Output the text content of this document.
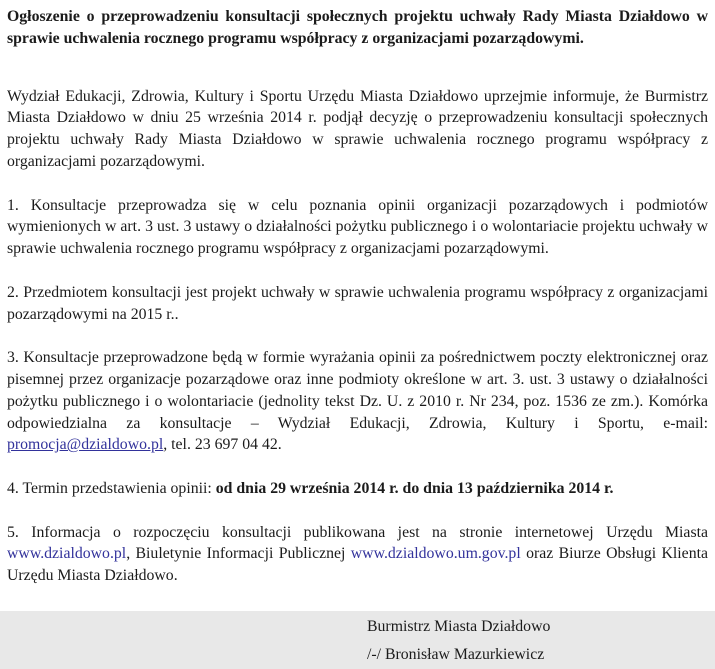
Ogłoszenie o przeprowadzeniu konsultacji społecznych projektu uchwały Rady Miasta Działdowo w sprawie uchwalenia rocznego programu współpracy z organizacjami pozarządowymi.

Wydział Edukacji, Zdrowia, Kultury i Sportu Urzędu Miasta Działdowo uprzejmie informuje, że Burmistrz Miasta Działdowo w dniu 25 września 2014 r. podjął decyzję o przeprowadzeniu konsultacji społecznych projektu uchwały Rady Miasta Działdowo w sprawie uchwalenia rocznego programu współpracy z organizacjami pozarządowymi.

1. Konsultacje przeprowadza się w celu poznania opinii organizacji pozarządowych i podmiotów wymienionych w art. 3 ust. 3 ustawy o działalności pożytku publicznego i o wolontariacie projektu uchwały w sprawie uchwalenia rocznego programu współpracy z organizacjami pozarządowymi.

2. Przedmiotem konsultacji jest projekt uchwały w sprawie uchwalenia programu współpracy z organizacjami pozarządowymi na 2015 r..

3. Konsultacje przeprowadzone będą w formie wyrażania opinii za pośrednictwem poczty elektronicznej oraz pisemnej przez organizacje pozarządowe oraz inne podmioty określone w art. 3. ust. 3 ustawy o działalności pożytku publicznego i o wolontariacie (jednolity tekst Dz. U. z 2010 r. Nr 234, poz. 1536 ze zm.). Komórka odpowiedzialna za konsultacje – Wydział Edukacji, Zdrowia, Kultury i Sportu, e-mail: promocja@dzialdowo.pl, tel. 23 697 04 42.

4. Termin przedstawienia opinii: od dnia 29 września 2014 r. do dnia 13 października 2014 r.

5. Informacja o rozpoczęciu konsultacji publikowana jest na stronie internetowej Urzędu Miasta www.dzialdowo.pl, Biuletynie Informacji Publicznej www.dzialdowo.um.gov.pl oraz Biurze Obsługi Klienta Urzędu Miasta Działdowo.

Burmistrz Miasta Działdowo
/-/ Bronisław Mazurkiewicz
